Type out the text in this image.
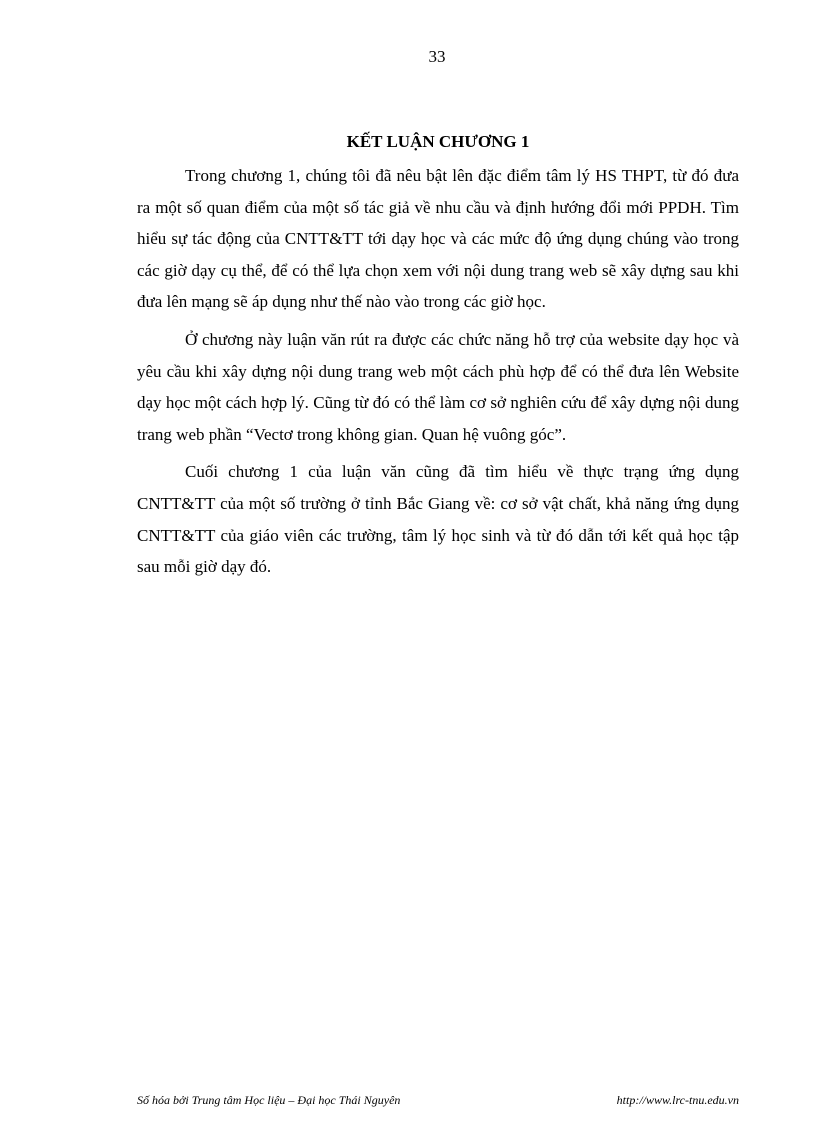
33
KẾT LUẬN CHƯƠNG 1

Trong chương 1, chúng tôi đã nêu bật lên đặc điểm tâm lý HS THPT, từ đó đưa ra một số quan điểm của một số tác giả về nhu cầu và định hướng đổi mới PPDH. Tìm hiểu sự tác động của CNTT&TT tới dạy học và các mức độ ứng dụng chúng vào trong các giờ dạy cụ thể, để có thể lựa chọn xem với nội dung trang web sẽ xây dựng sau khi đưa lên mạng sẽ áp dụng như thế nào vào trong các giờ học.

Ở chương này luận văn rút ra được các chức năng hỗ trợ của website dạy học và yêu cầu khi xây dựng nội dung trang web một cách phù hợp để có thể đưa lên Website dạy học một cách hợp lý. Cũng từ đó có thể làm cơ sở nghiên cứu để xây dựng nội dung trang web phần “Vectơ trong không gian. Quan hệ vuông góc”.

Cuối chương 1 của luận văn cũng đã tìm hiểu về thực trạng ứng dụng CNTT&TT của một số trường ở tỉnh Bắc Giang về: cơ sở vật chất, khả năng ứng dụng CNTT&TT của giáo viên các trường, tâm lý học sinh và từ đó dẫn tới kết quả học tập sau mỗi giờ dạy đó.

Số hóa bởi Trung tâm Học liệu – Đại học Thái Nguyên	http://www.lrc-tnu.edu.vn
